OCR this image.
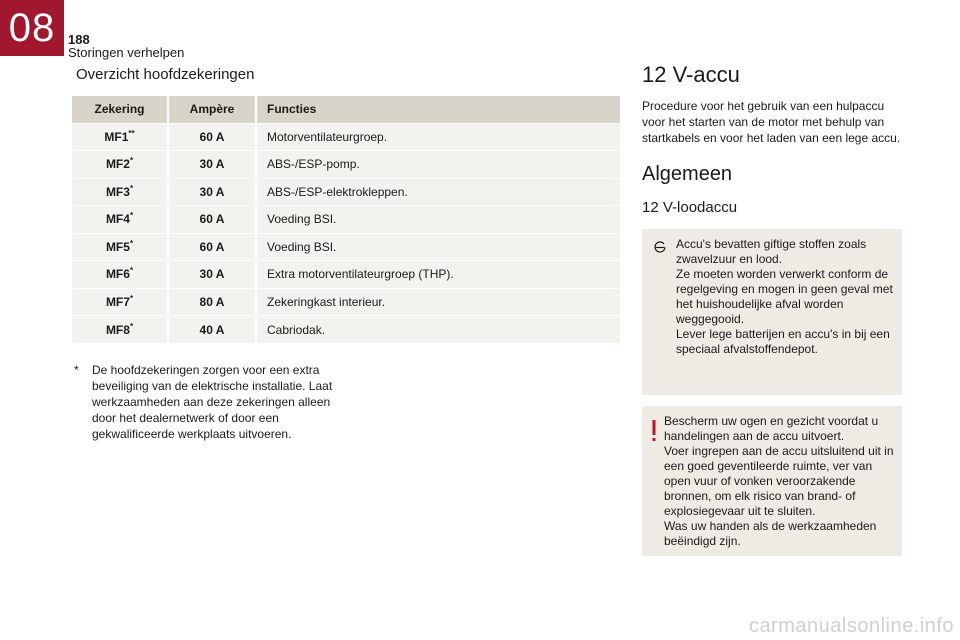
08 188
Storingen verhelpen
Overzicht hoofdzekeringen
Zekering	Ampère	Functies
MF1**	60 A	Motorventilateurgroep.
MF2*	30 A	ABS-/ESP-pomp.
MF3*	30 A	ABS-/ESP-elektrokleppen.
MF4*	60 A	Voeding BSI.
MF5*	60 A	Voeding BSI.
MF6*	30 A	Extra motorventilateurgroep (THP).
MF7*	80 A	Zekeringkast interieur.
MF8*	40 A	Cabriodak.
*	De hoofdzekeringen zorgen voor een extra beveiliging van de elektrische installatie. Laat werkzaamheden aan deze zekeringen alleen door het dealernetwerk of door een gekwalificeerde werkplaats uitvoeren.
12 V-accu
Procedure voor het gebruik van een hulpaccu voor het starten van de motor met behulp van startkabels en voor het laden van een lege accu.
Algemeen
12 V-loodaccu
Accu's bevatten giftige stoffen zoals zwavelzuur en lood.
Ze moeten worden verwerkt conform de regelgeving en mogen in geen geval met het huishoudelijke afval worden weggegooid.
Lever lege batterijen en accu's in bij een speciaal afvalstoffendepot.
Bescherm uw ogen en gezicht voordat u handelingen aan de accu uitvoert.
Voer ingrepen aan de accu uitsluitend uit in een goed geventileerde ruimte, ver van open vuur of vonken veroorzakende bronnen, om elk risico van brand- of explosiegevaar uit te sluiten.
Was uw handen als de werkzaamheden beëindigd zijn.
carmanualsonline.info
